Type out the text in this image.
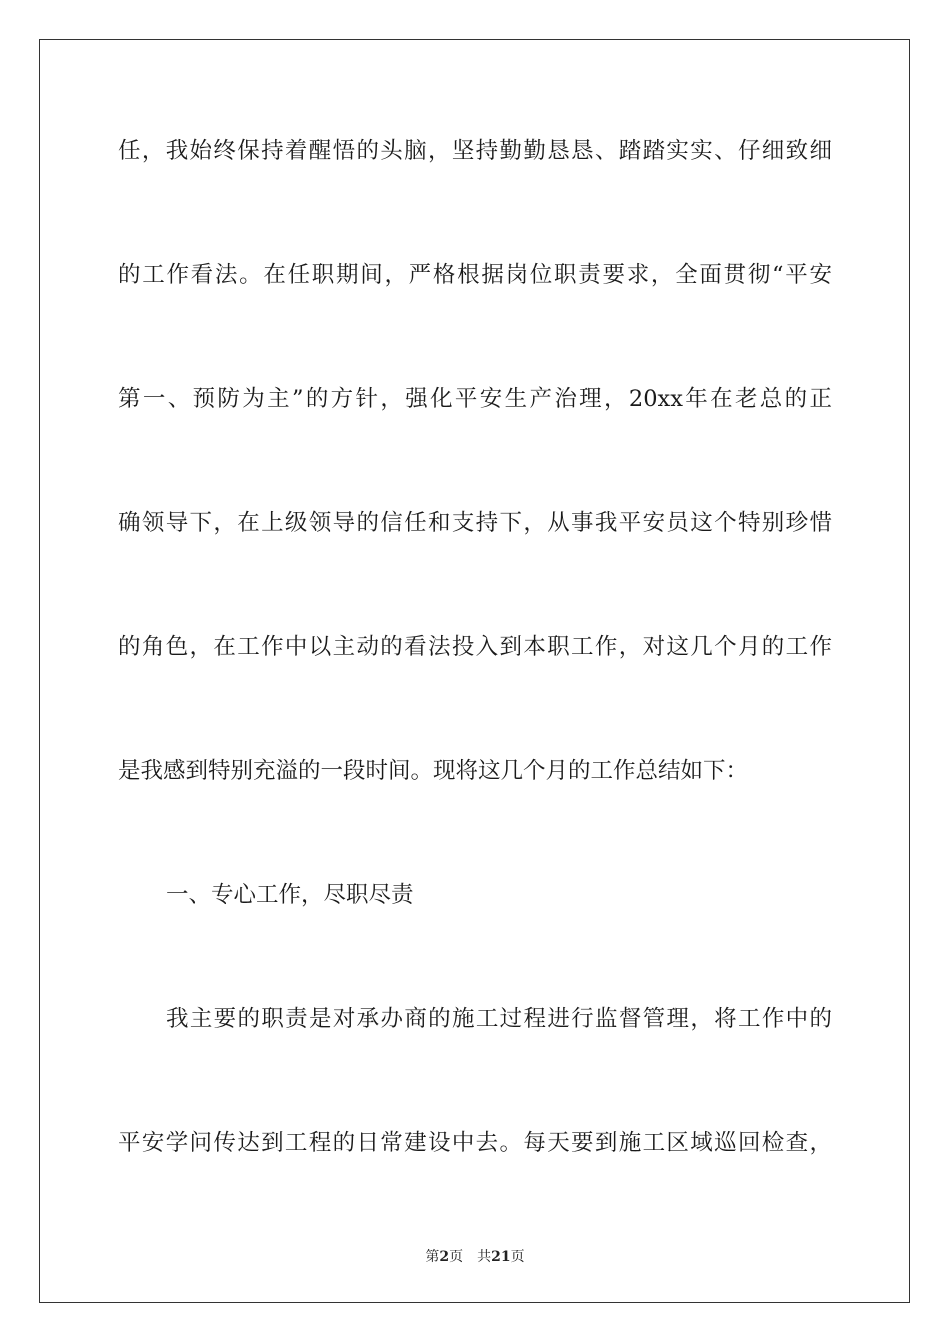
任，我始终保持着醒悟的头脑，坚持勤勤恳恳、踏踏实实、仔细致细
的工作看法。在任职期间，严格根据岗位职责要求，全面贯彻“平安
第一、预防为主”的方针，强化平安生产治理，20xx年在老总的正
确领导下，在上级领导的信任和支持下，从事我平安员这个特别珍惜
的角色，在工作中以主动的看法投入到本职工作，对这几个月的工作
是我感到特别充溢的一段时间。现将这几个月的工作总结如下：
一、专心工作，尽职尽责
我主要的职责是对承办商的施工过程进行监督管理，将工作中的
平安学问传达到工程的日常建设中去。每天要到施工区域巡回检查，
第2页 共21页
